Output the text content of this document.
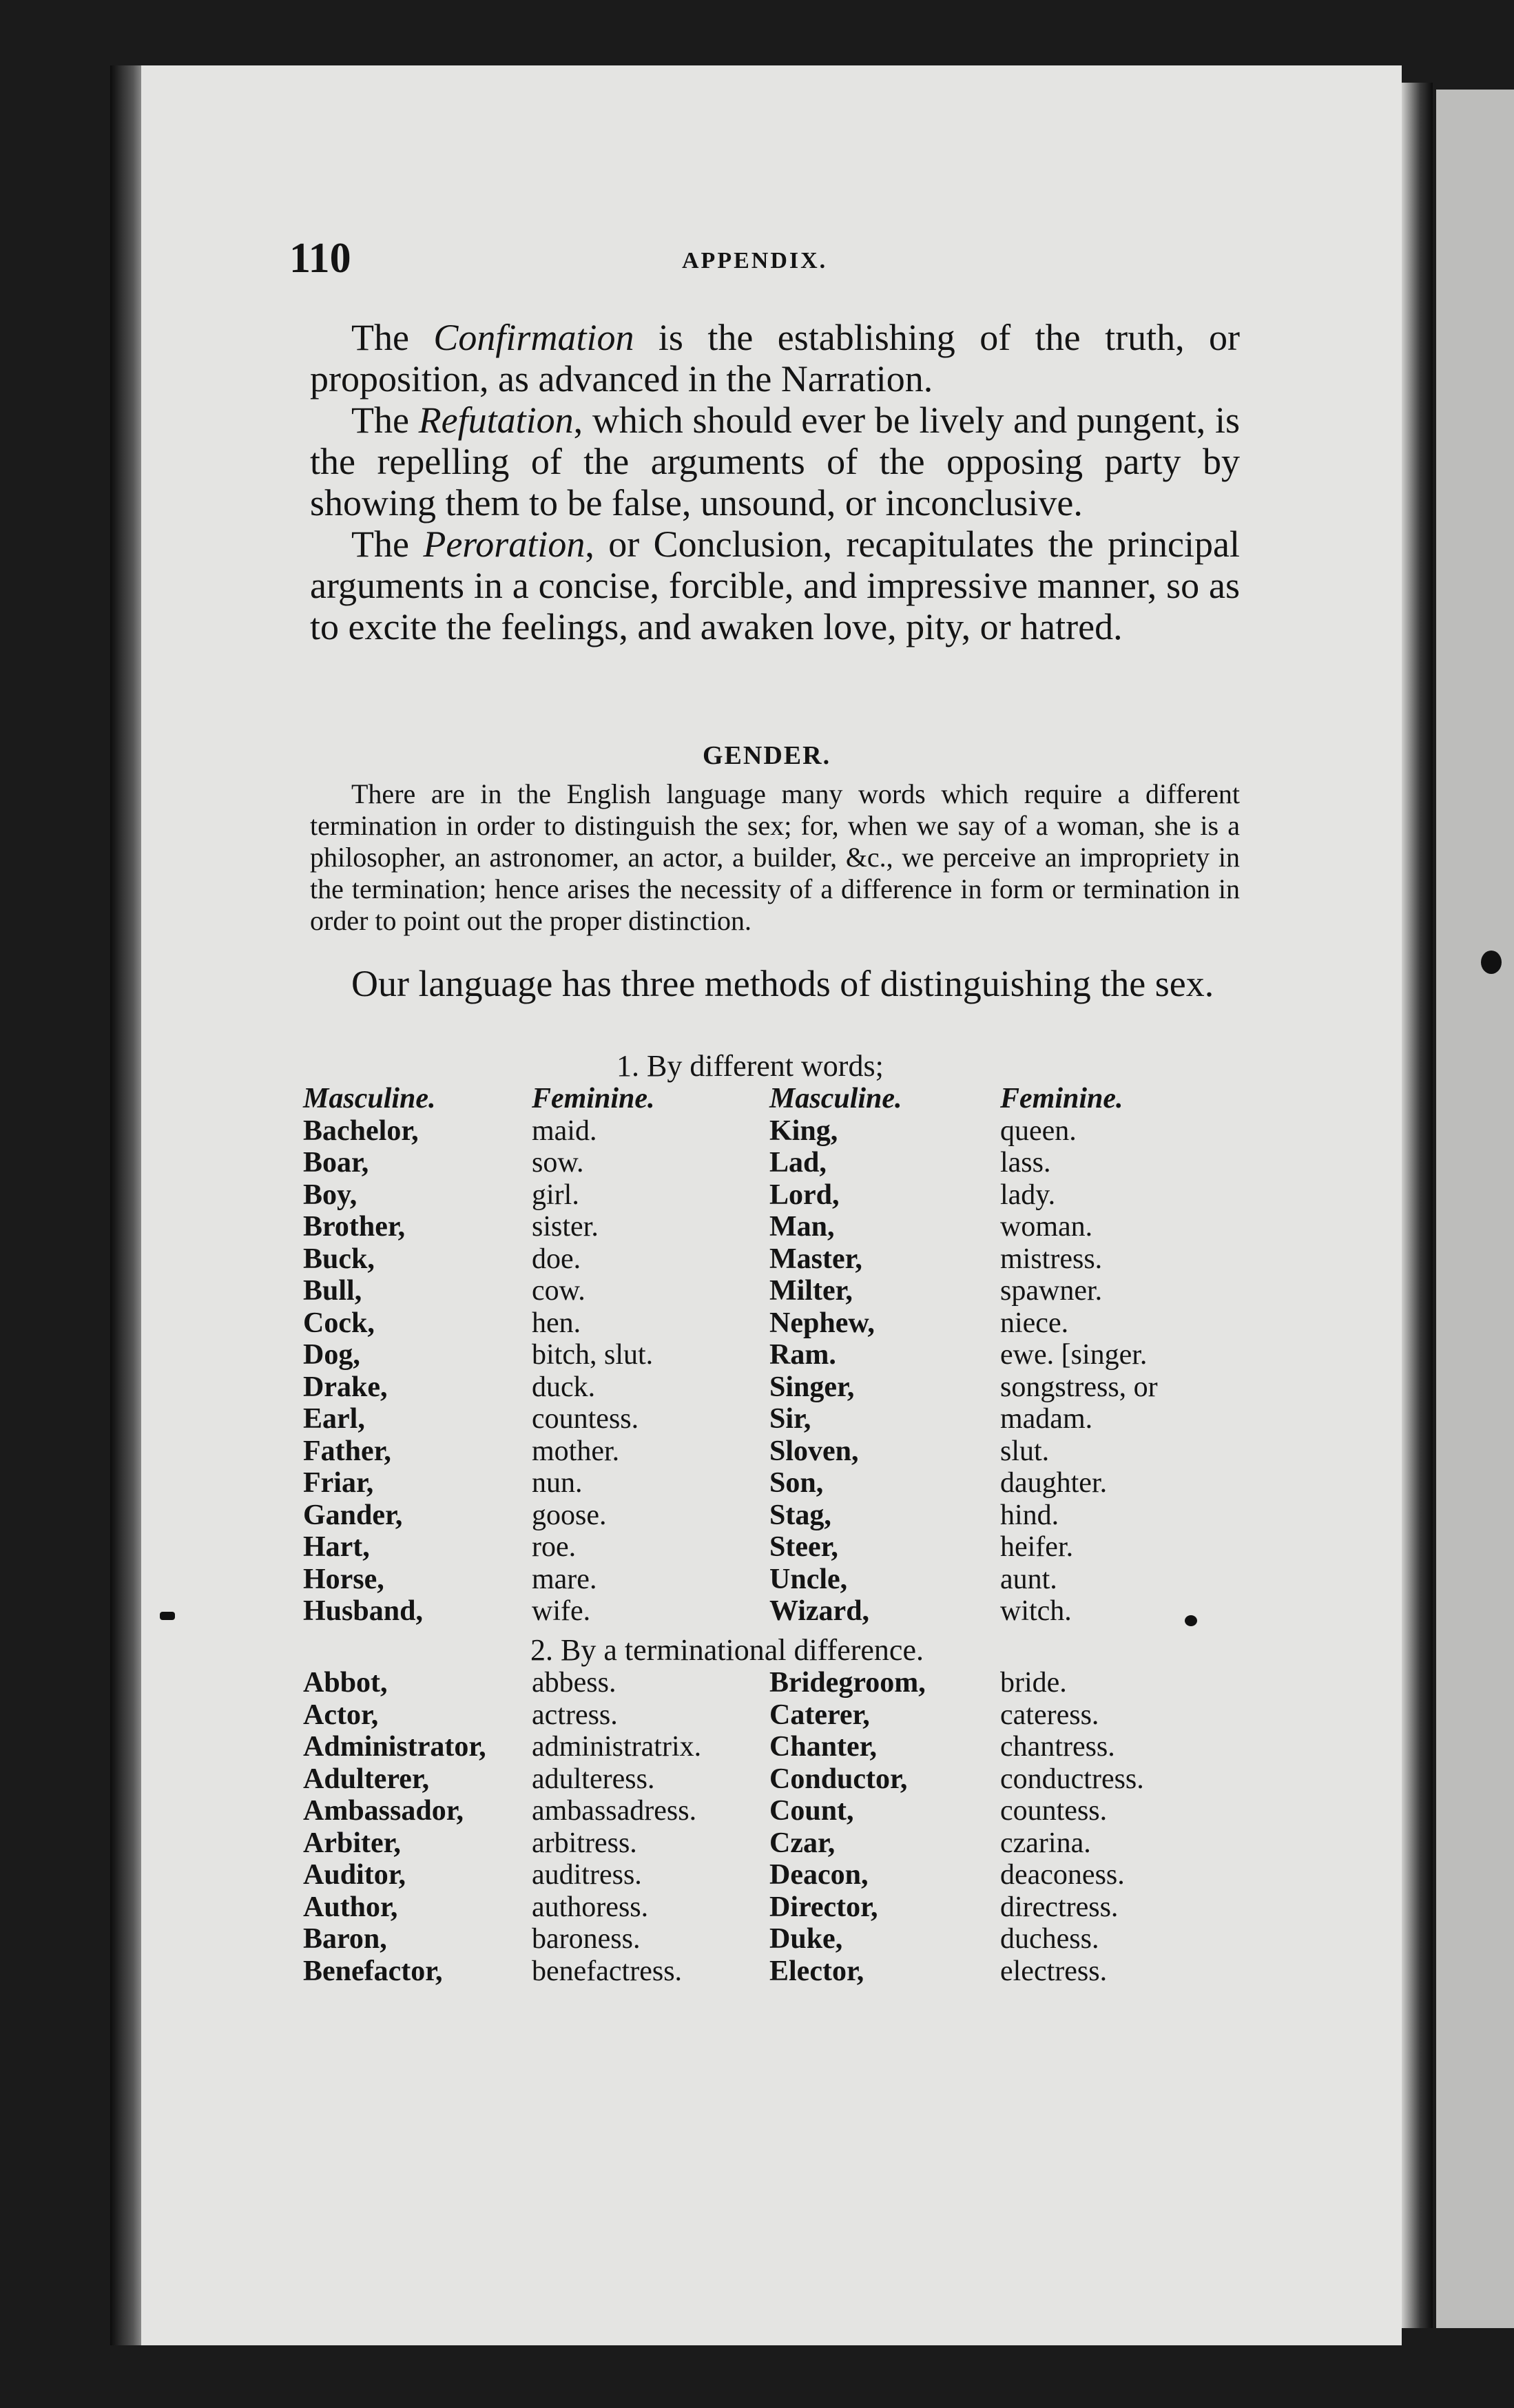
110	APPENDIX.

The Confirmation is the establishing of the truth, or proposition, as advanced in the Narration.

The Refutation, which should ever be lively and pungent, is the repelling of the arguments of the opposing party by showing them to be false, unsound, or inconclusive.

The Peroration, or Conclusion, recapitulates the principal arguments in a concise, forcible, and impressive manner, so as to excite the feelings, and awaken love, pity, or hatred.

GENDER.

There are in the English language many words which require a different termination in order to distinguish the sex; for, when we say of a woman, she is a philosopher, an astronomer, an actor, a builder, &c., we perceive an impropriety in the termination; hence arises the necessity of a difference in form or termination in order to point out the proper distinction.

Our language has three methods of distinguishing the sex.

1. By different words;
Masculine.	Feminine.	Masculine.	Feminine.
Bachelor,	maid.	King,	queen.
Boar,	sow.	Lad,	lass.
Boy,	girl.	Lord,	lady.
Brother,	sister.	Man,	woman.
Buck,	doe.	Master,	mistress.
Bull,	cow.	Milter,	spawner.
Cock,	hen.	Nephew,	niece.
Dog,	bitch, slut.	Ram.	ewe. [singer.
Drake,	duck.	Singer,	songstress, or
Earl,	countess.	Sir,	madam.
Father,	mother.	Sloven,	slut.
Friar,	nun.	Son,	daughter.
Gander,	goose.	Stag,	hind.
Hart,	roe.	Steer,	heifer.
Horse,	mare.	Uncle,	aunt.
Husband,	wife.	Wizard,	witch.
2. By a terminational difference.
Abbot,	abbess.	Bridegroom,	bride.
Actor,	actress.	Caterer,	cateress.
Administrator,	administratrix.	Chanter,	chantress.
Adulterer,	adulteress.	Conductor,	conductress.
Ambassador,	ambassadress.	Count,	countess.
Arbiter,	arbitress.	Czar,	czarina.
Auditor,	auditress.	Deacon,	deaconess.
Author,	authoress.	Director,	directress.
Baron,	baroness.	Duke,	duchess.
Benefactor,	benefactress.	Elector,	electress.
